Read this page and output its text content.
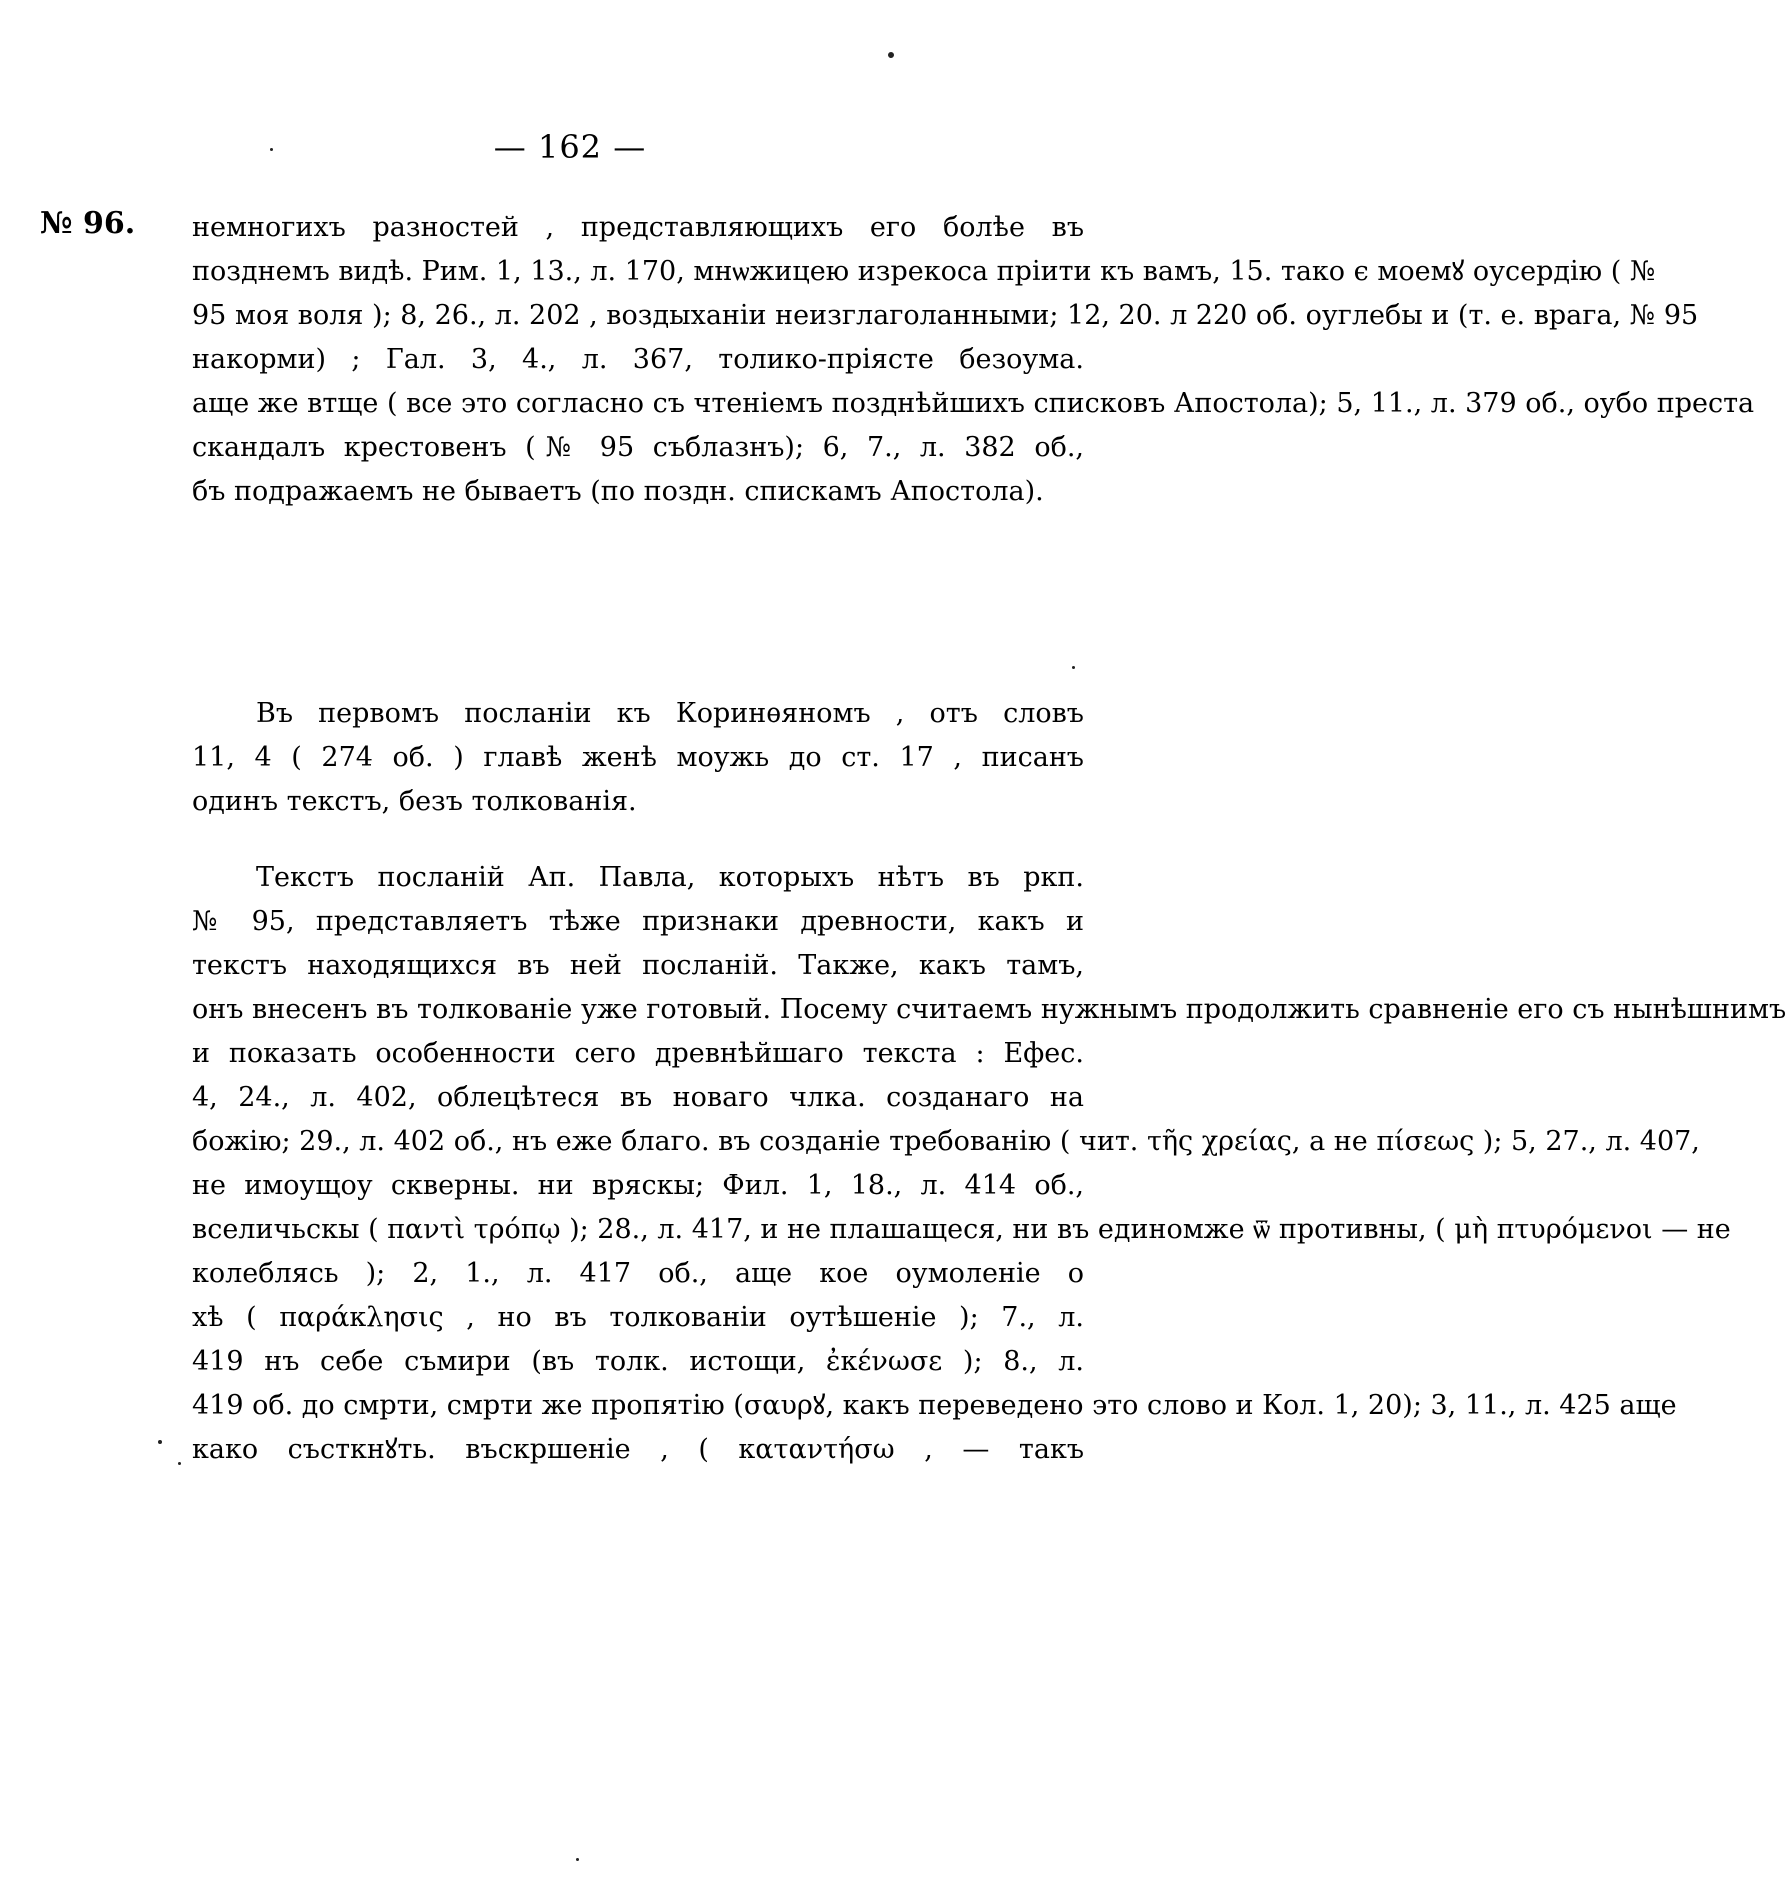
— 162 —
№ 96. немногихъ разностей , представляющихъ его болѣе въ
позднемъ видѣ. Рим. 1, 13., л. 170, мнѡжицею изрекоса пріити къ вамъ, 15. тако є моемꙋ оусердію ( №
95 моя воля ); 8, 26., л. 202 , воздыханіи неизглаголанными; 12, 20. л 220 об. оуглебы и (т. е. врага, № 95
накорми) ; Гал. 3, 4., л. 367, толико-пріясте безоума.
аще же втще ( все это согласно съ чтеніемъ позднѣйшихъ списковъ Апостола); 5, 11., л. 379 об., оубо преста
скандалъ крестовенъ (№ 95 съблазнъ); 6, 7., л. 382 об.,
бъ подражаемъ не бываетъ (по поздн. спискамъ Апостола).
Въ первомъ посланіи къ Коринѳяномъ , отъ словъ
11, 4 ( 274 об. ) главѣ женѣ моужь до ст. 17 , писанъ
одинъ текстъ, безъ толкованія.
Текстъ посланій Ап. Павла, которыхъ нѣтъ въ ркп.
№ 95, представляетъ тѣже признаки древности, какъ и
текстъ находящихся въ ней посланій. Также, какъ тамъ,
онъ внесенъ въ толкованіе уже готовый. Посему считаемъ нужнымъ продолжить сравненіе его съ нынѣшнимъ
и показать особенности сего древнѣйшаго текста : Ефес.
4, 24., л. 402, облецѣтеся въ новаго члка. созданаго на
божію; 29., л. 402 об., нъ еже благо. въ созданіе требованію ( чит. τῆς χρείας, а не πίσεως ); 5, 27., л. 407,
не имоущоу скверны. ни вряскы; Фил. 1, 18., л. 414 об.,
вселичьскы ( παντὶ τρόπῳ ); 28., л. 417, и не плашащеся, ни въ единомже ѿ противны, ( μὴ πτυρόμενοι — не
колеблясь ); 2, 1., л. 417 об., аще кое оумоленіе о
хѣ ( παράκλησις , но въ толкованіи оутѣшеніе ); 7., л.
419 нъ себе съмири (въ толк. истощи, ἐκένωσε ); 8., л.
419 об. до смрти, смрти же пропятію (σαυρꙋ, какъ переведено это слово и Кол. 1, 20); 3, 11., л. 425 аще
како състкнꙋть. въскршеніе , ( καταντήσω , — такъ
